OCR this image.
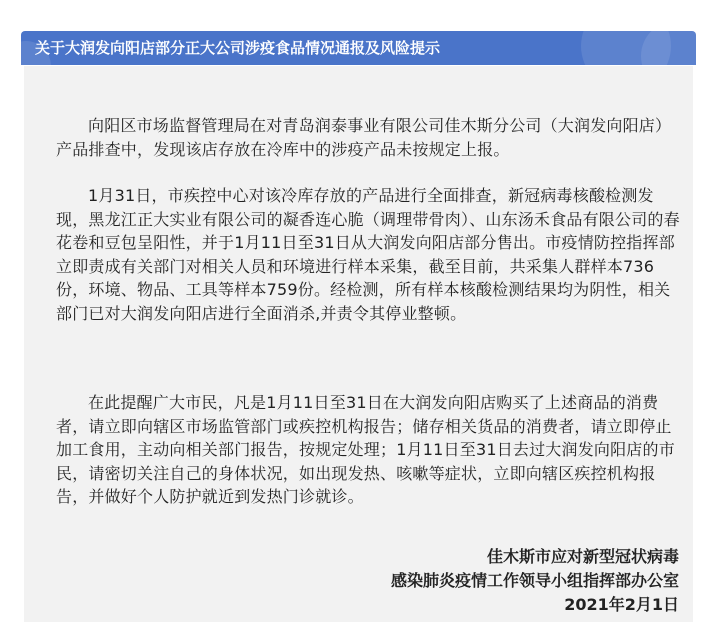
关于大润发向阳店部分正大公司涉疫食品情况通报及风险提示

向阳区市场监督管理局在对青岛润泰事业有限公司佳木斯分公司（大润发向阳店）产品排查中，发现该店存放在冷库中的涉疫产品未按规定上报。

1月31日，市疾控中心对该冷库存放的产品进行全面排查，新冠病毒核酸检测发现，黑龙江正大实业有限公司的凝香连心脆（调理带骨肉）、山东汤禾食品有限公司的春花卷和豆包呈阳性，并于1月11日至31日从大润发向阳店部分售出。市疫情防控指挥部立即责成有关部门对相关人员和环境进行样本采集，截至目前，共采集人群样本736份，环境、物品、工具等样本759份。经检测，所有样本核酸检测结果均为阴性，相关部门已对大润发向阳店进行全面消杀,并责令其停业整顿。

在此提醒广大市民，凡是1月11日至31日在大润发向阳店购买了上述商品的消费者，请立即向辖区市场监管部门或疾控机构报告；储存相关货品的消费者，请立即停止加工食用，主动向相关部门报告，按规定处理；1月11日至31日去过大润发向阳店的市民，请密切关注自己的身体状况，如出现发热、咳嗽等症状，立即向辖区疾控机构报告，并做好个人防护就近到发热门诊就诊。

佳木斯市应对新型冠状病毒
感染肺炎疫情工作领导小组指挥部办公室
2021年2月1日
